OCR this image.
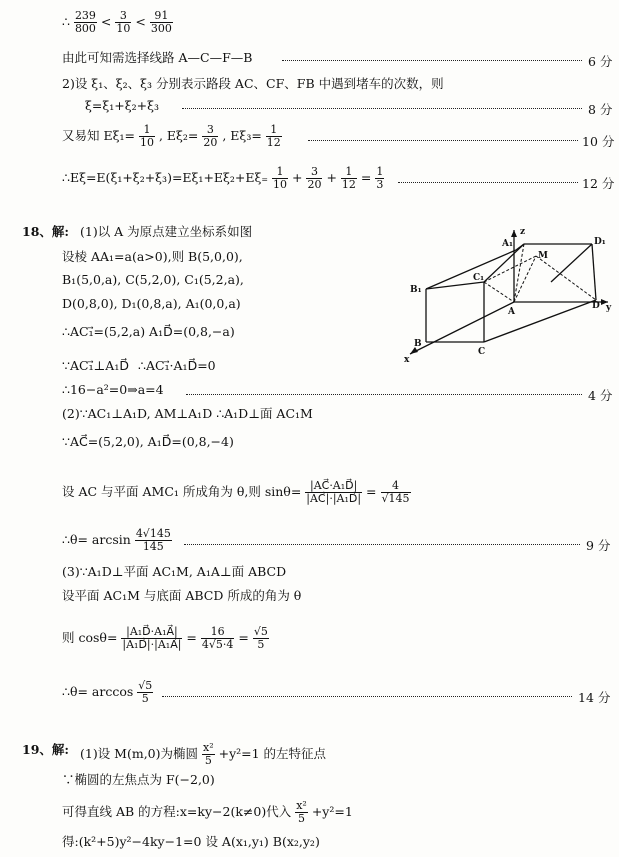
∴ $\frac{239}{800} < \frac{3}{10} < \frac{91}{300}$
由此可知需选择线路 A—C—F—B	6 分
2)设 ξ₁、ξ₂、ξ₃ 分别表示路段 AC、CF、FB 中遇到堵车的次数，则
ξ=ξ₁+ξ₂+ξ₃	8 分
又易知 $E\xi_1= \frac{1}{10}$ , $E\xi_2= \frac{3}{20}$ , $E\xi_3= \frac{1}{12}$	10 分
∴Eξ=E(ξ₁+ξ₂+ξ₃)=Eξ₁+Eξ₂+Eξ₌ $\frac{1}{10} + \frac{3}{20} + \frac{1}{12} = \frac{1}{3}$	12 分
18、解: (1)以 A 为原点建立坐标系如图
设棱 AA₁=a(a>0),则 B(5,0,0),
B₁(5,0,a), C(5,2,0), C₁(5,2,a),
D(0,8,0), D₁(0,8,a), A₁(0,0,a)
∴AC₁⃗=(5,2,a) A₁D⃗=(0,8,−a)
∵AC₁⃗⊥A₁D⃗ ∴AC₁⃗·A₁D⃗=0
∴16−a²=0⇒a=4	4 分
(2)∵AC₁⊥A₁D, AM⊥A₁D ∴A₁D⊥面 AC₁M
∵AC⃗=(5,2,0), A₁D⃗=(0,8,−4)
设 AC 与平面 AMC₁ 所成角为 θ,则 $\sin\theta= \frac{\text{|AC⃗·A₁D⃗|}}{\text{|AC⃗|·|A₁D⃗|}} = \frac{4}{√145}$
∴θ= $\arcsin \frac{4√145}{145}$	9 分
(3)∵A₁D⊥平面 AC₁M, A₁A⊥面 ABCD
设平面 AC₁M 与底面 ABCD 所成的角为 θ
则 $\cos\theta= \frac{\text{|A₁D⃗·A₁A⃗|}}{\text{|A₁D⃗|·|A₁A⃗|}} = \frac{16}{4√5\cdot 4} = \frac{√5}{5}$
∴θ= $\arccos \frac{√5}{5}$	14 分
A₁
z
D₁
M
C₁
B₁
A
D y
B
C
x
19、解: (1)设 M(m,0)为椭圆 $\frac{\text{x²}}{5} +y^2=1$ 的左特征点
∵椭圆的左焦点为 F(−2,0)
可得直线 AB 的方程:x=ky−2(k≠0)代入 $\frac{\text{x²}}{5} +y^2=1$
得:(k²+5)y²−4ky−1=0 设 A(x₁,y₁) B(x₂,y₂)
